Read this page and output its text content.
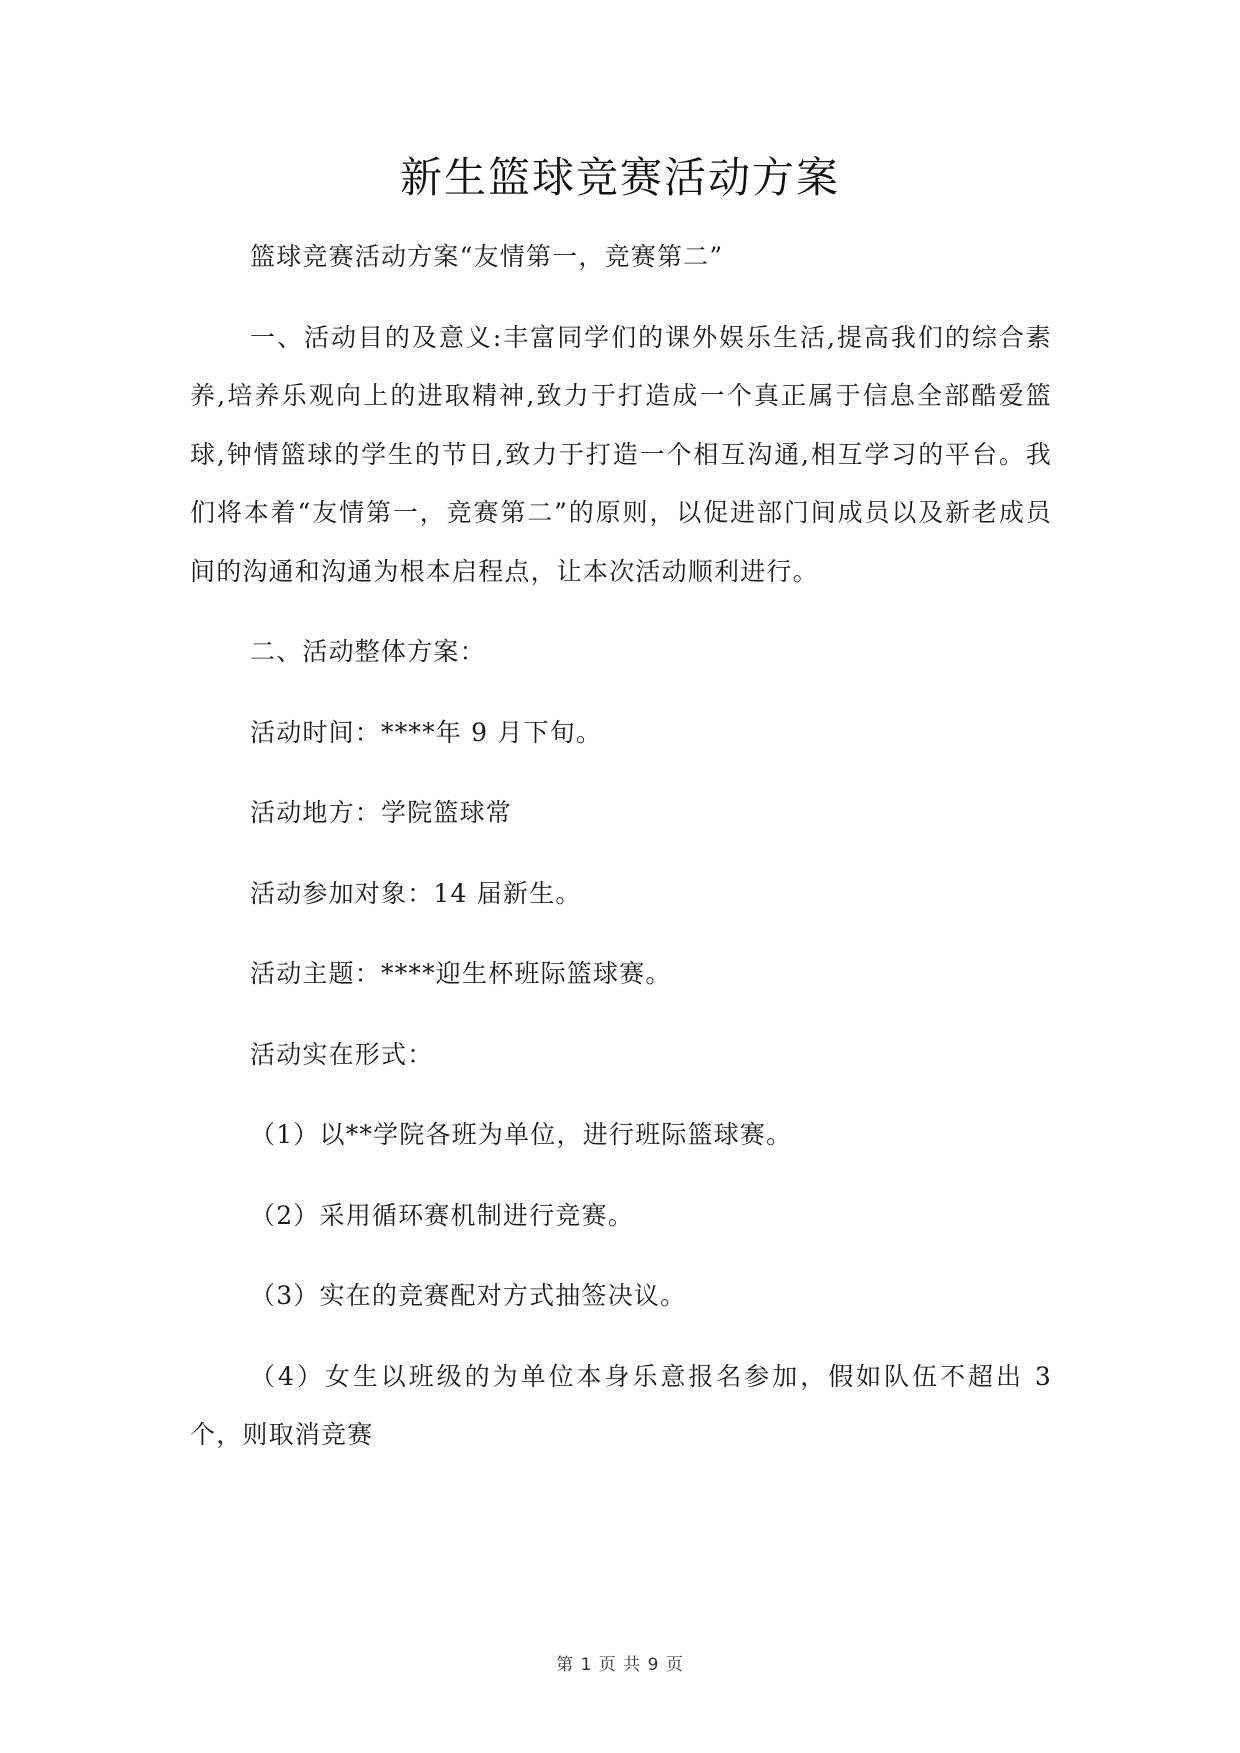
新生篮球竞赛活动方案

篮球竞赛活动方案“友情第一，竞赛第二”

一、活动目的及意义:丰富同学们的课外娱乐生活,提高我们的综合素养,培养乐观向上的进取精神,致力于打造成一个真正属于信息全部酷爱篮球,钟情篮球的学生的节日,致力于打造一个相互沟通,相互学习的平台。我们将本着“友情第一，竞赛第二”的原则，以促进部门间成员以及新老成员间的沟通和沟通为根本启程点，让本次活动顺利进行。

二、活动整体方案：

活动时间：****年 9 月下旬。

活动地方：学院篮球常

活动参加对象：14 届新生。

活动主题：****迎生杯班际篮球赛。

活动实在形式：

（1）以**学院各班为单位，进行班际篮球赛。

（2）采用循环赛机制进行竞赛。

（3）实在的竞赛配对方式抽签决议。

（4）女生以班级的为单位本身乐意报名参加，假如队伍不超出 3 个，则取消竞赛

第 1 页 共 9 页
